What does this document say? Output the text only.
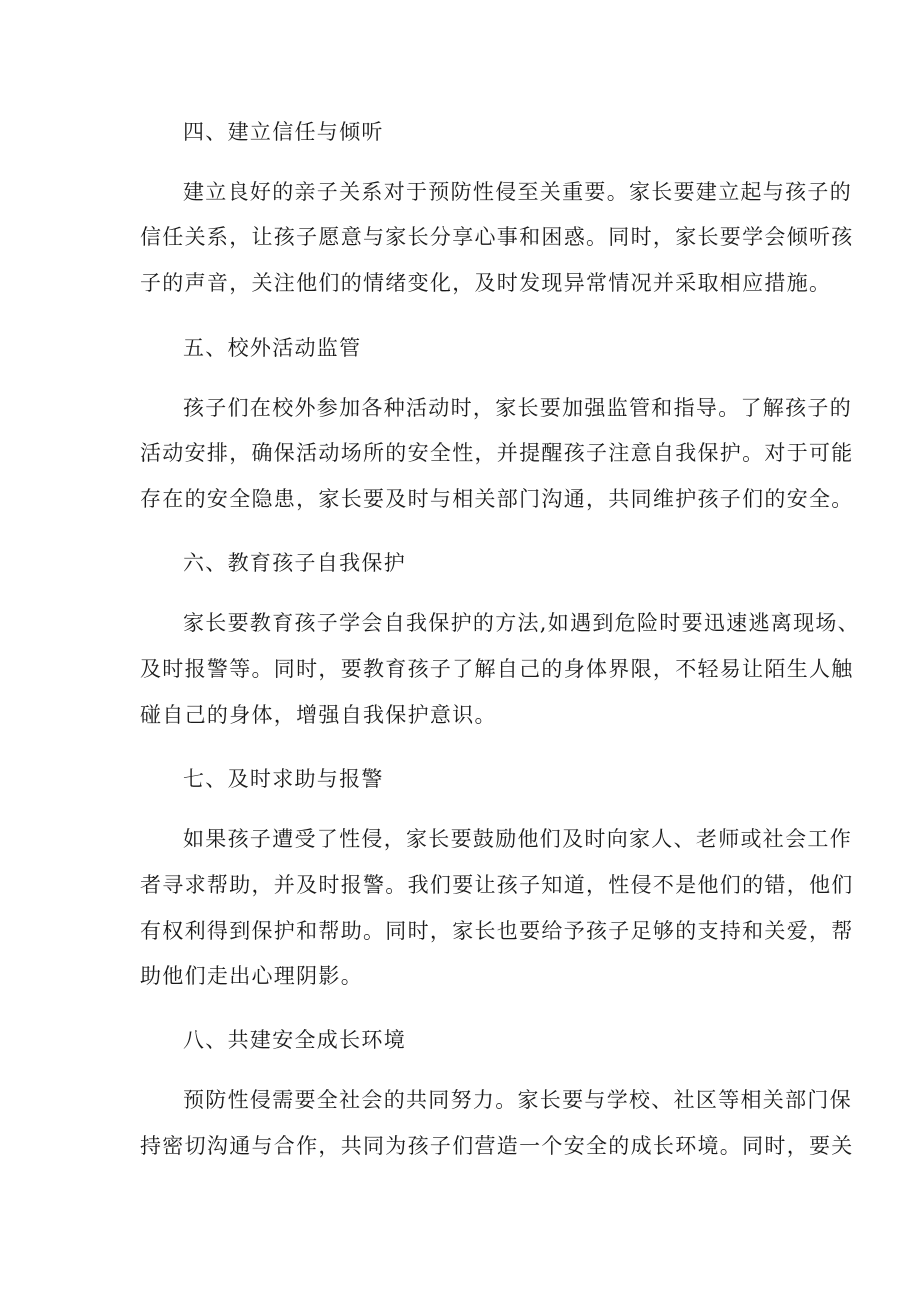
四、建立信任与倾听
建立良好的亲子关系对于预防性侵至关重要。家长要建立起与孩子的
信任关系，让孩子愿意与家长分享心事和困惑。同时，家长要学会倾听孩
子的声音，关注他们的情绪变化，及时发现异常情况并采取相应措施。
五、校外活动监管
孩子们在校外参加各种活动时，家长要加强监管和指导。了解孩子的
活动安排，确保活动场所的安全性，并提醒孩子注意自我保护。对于可能
存在的安全隐患，家长要及时与相关部门沟通，共同维护孩子们的安全。
六、教育孩子自我保护
家长要教育孩子学会自我保护的方法,如遇到危险时要迅速逃离现场、
及时报警等。同时，要教育孩子了解自己的身体界限，不轻易让陌生人触
碰自己的身体，增强自我保护意识。
七、及时求助与报警
如果孩子遭受了性侵，家长要鼓励他们及时向家人、老师或社会工作
者寻求帮助，并及时报警。我们要让孩子知道，性侵不是他们的错，他们
有权利得到保护和帮助。同时，家长也要给予孩子足够的支持和关爱，帮
助他们走出心理阴影。
八、共建安全成长环境
预防性侵需要全社会的共同努力。家长要与学校、社区等相关部门保
持密切沟通与合作，共同为孩子们营造一个安全的成长环境。同时，要关
